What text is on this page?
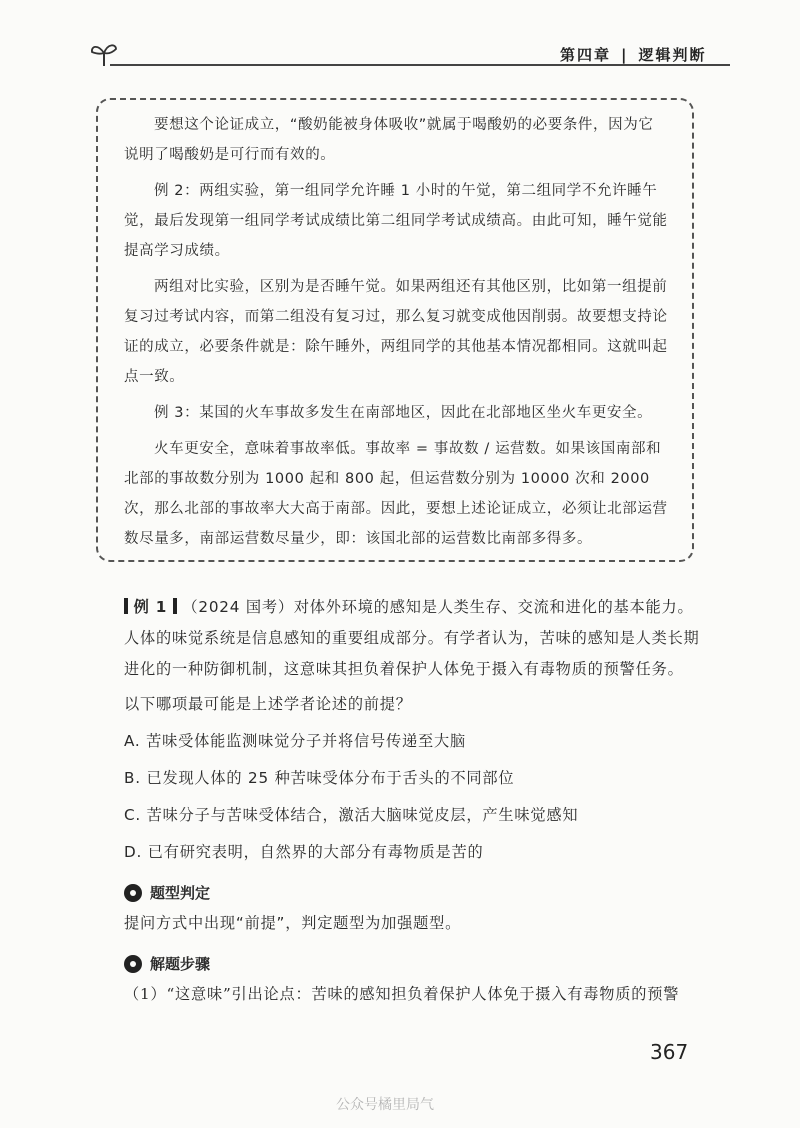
第四章 | 逻辑判断

要想这个论证成立，“酸奶能被身体吸收”就属于喝酸奶的必要条件，因为它说明了喝酸奶是可行而有效的。

例 2：两组实验，第一组同学允许睡 1 小时的午觉，第二组同学不允许睡午觉，最后发现第一组同学考试成绩比第二组同学考试成绩高。由此可知，睡午觉能提高学习成绩。

两组对比实验，区别为是否睡午觉。如果两组还有其他区别，比如第一组提前复习过考试内容，而第二组没有复习过，那么复习就变成他因削弱。故要想支持论证的成立，必要条件就是：除午睡外，两组同学的其他基本情况都相同。这就叫起点一致。

例 3：某国的火车事故多发生在南部地区，因此在北部地区坐火车更安全。

火车更安全，意味着事故率低。事故率 = 事故数 / 运营数。如果该国南部和北部的事故数分别为 1000 起和 800 起，但运营数分别为 10000 次和 2000 次，那么北部的事故率大大高于南部。因此，要想上述论证成立，必须让北部运营数尽量多，南部运营数尽量少，即：该国北部的运营数比南部多得多。

例 1 （2024 国考）对体外环境的感知是人类生存、交流和进化的基本能力。人体的味觉系统是信息感知的重要组成部分。有学者认为，苦味的感知是人类长期进化的一种防御机制，这意味其担负着保护人体免于摄入有毒物质的预警任务。

以下哪项最可能是上述学者论述的前提？

A. 苦味受体能监测味觉分子并将信号传递至大脑

B. 已发现人体的 25 种苦味受体分布于舌头的不同部位

C. 苦味分子与苦味受体结合，激活大脑味觉皮层，产生味觉感知

D. 已有研究表明，自然界的大部分有毒物质是苦的

题型判定

提问方式中出现“前提”，判定题型为加强题型。

解题步骤

（1）“这意味”引出论点：苦味的感知担负着保护人体免于摄入有毒物质的预警

367
公众号橘里局气
